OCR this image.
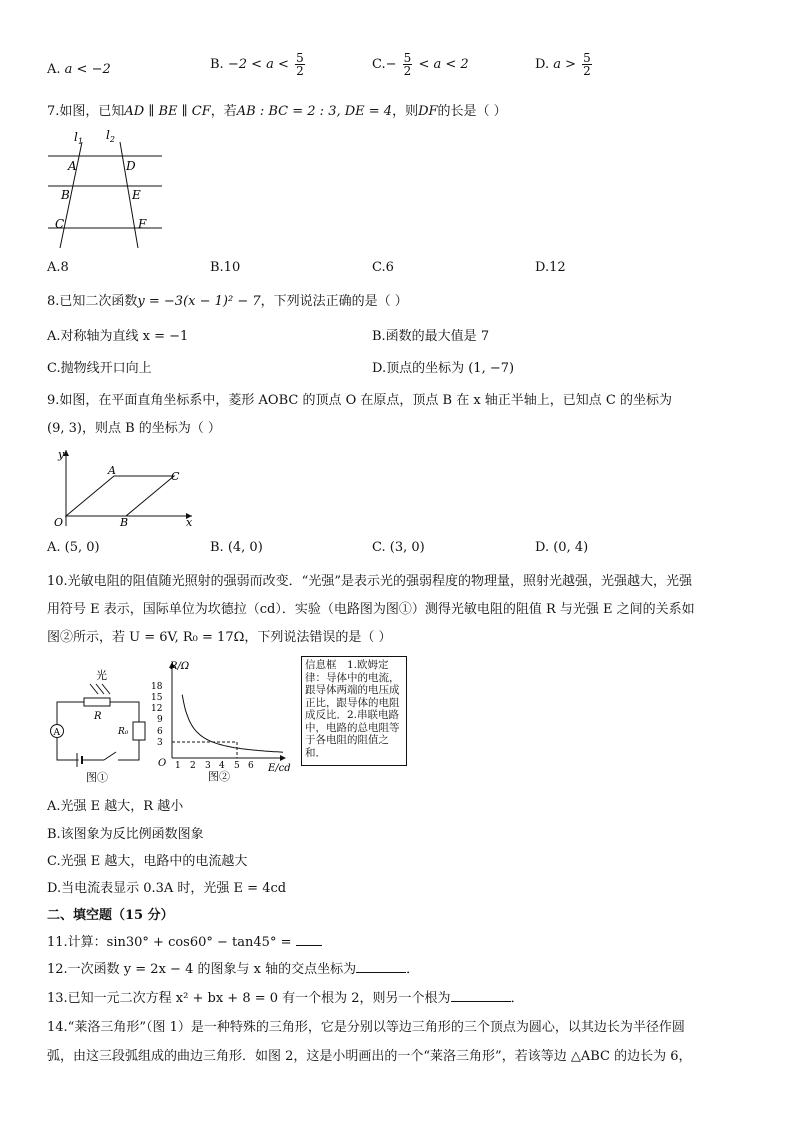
A. a < −2	B. $-2 < a < \frac{5}{2}$	$C.- \frac{5}{2} < a < 2$	D. $a > \frac{5}{2}$
7.如图，已知AD ∥ BE ∥ CF，若AB : BC = 2 : 3, DE = 4，则DF的长是（ ）
$l_1$ $l_2$
A
B
C
D
E
F
A.8	B.10	C.6	D.12
8.已知二次函数y = −3(x − 1)² − 7，下列说法正确的是（ ）
A.对称轴为直线 x = −1	B.函数的最大值是 7
C.抛物线开口向上	D.顶点的坐标为 (1, −7)
9.如图，在平面直角坐标系中，菱形 AOBC 的顶点 O 在原点，顶点 B 在 x 轴正半轴上，已知点 C 的坐标为
(9, 3)，则点 B 的坐标为（ ）
y
x
O
A
B
C
A. (5, 0)	B. (4, 0)	C. (3, 0)	D. (0, 4)
10.光敏电阻的阻值随光照射的强弱而改变．“光强”是表示光的强弱程度的物理量，照射光越强，光强越大，光强
用符号 E 表示，国际单位为坎德拉（cd）．实验（电路图为图①）测得光敏电阻的阻值 R 与光强 E 之间的关系如
图②所示，若 U = 6V, R₀ = 17Ω，下列说法错误的是（ ）
A
光
R
R₀
图①
R/Ω
E/cd
O
18
15
12
9
6
3
1 2 3 4 5 6
图②
信息框　1.欧姆定律：导体中的电流，跟导体两端的电压成正比，跟导体的电阻成反比．2.串联电路中，电路的总电阻等于各电阻的阻值之和．
A.光强 E 越大，R 越小
B.该图象为反比例函数图象
C.光强 E 越大，电路中的电流越大
D.当电流表显示 0.3A 时，光强 E = 4cd
二、填空题（15 分）
11.计算：sin30° + cos60° − tan45° =
12.一次函数 y = 2x − 4 的图象与 x 轴的交点坐标为	．
13.已知一元二次方程 x² + bx + 8 = 0 有一个根为 2，则另一个根为	．
14.“莱洛三角形”（图 1）是一种特殊的三角形，它是分别以等边三角形的三个顶点为圆心，以其边长为半径作圆
弧，由这三段弧组成的曲边三角形．如图 2，这是小明画出的一个“莱洛三角形”，若该等边 △ABC 的边长为 6，
